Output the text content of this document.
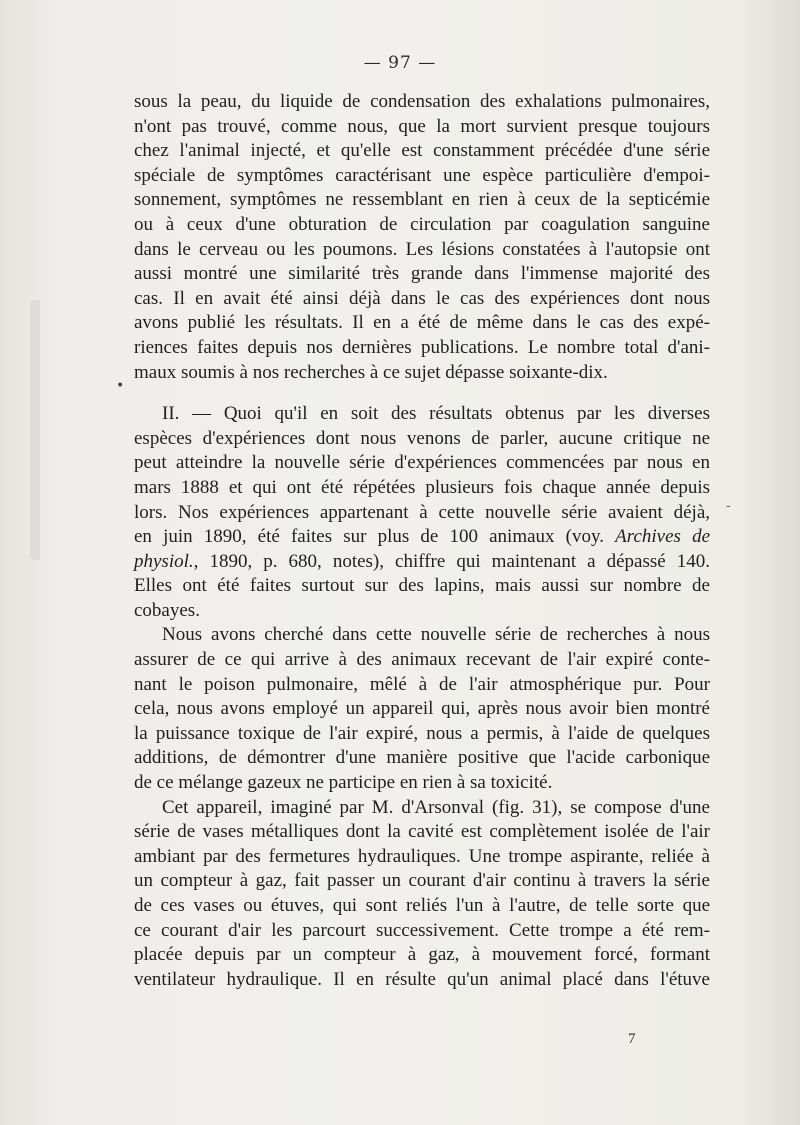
— 97 —
•
-

sous la peau, du liquide de condensation des exhalations pulmonaires,
n'ont pas trouvé, comme nous, que la mort survient presque toujours
chez l'animal injecté, et qu'elle est constamment précédée d'une série
spéciale de symptômes caractérisant une espèce particulière d'empoi-
sonnement, symptômes ne ressemblant en rien à ceux de la septicémie
ou à ceux d'une obturation de circulation par coagulation sanguine
dans le cerveau ou les poumons. Les lésions constatées à l'autopsie ont
aussi montré une similarité très grande dans l'immense majorité des
cas. Il en avait été ainsi déjà dans le cas des expériences dont nous
avons publié les résultats. Il en a été de même dans le cas des expé-
riences faites depuis nos dernières publications. Le nombre total d'ani-
maux soumis à nos recherches à ce sujet dépasse soixante-dix.

II. — Quoi qu'il en soit des résultats obtenus par les diverses
espèces d'expériences dont nous venons de parler, aucune critique ne
peut atteindre la nouvelle série d'expériences commencées par nous en
mars 1888 et qui ont été répétées plusieurs fois chaque année depuis
lors. Nos expériences appartenant à cette nouvelle série avaient déjà,
en juin 1890, été faites sur plus de 100 animaux (voy. Archives de
physiol., 1890, p. 680, notes), chiffre qui maintenant a dépassé 140.
Elles ont été faites surtout sur des lapins, mais aussi sur nombre de
cobayes.

Nous avons cherché dans cette nouvelle série de recherches à nous
assurer de ce qui arrive à des animaux recevant de l'air expiré conte-
nant le poison pulmonaire, mêlé à de l'air atmosphérique pur. Pour
cela, nous avons employé un appareil qui, après nous avoir bien montré
la puissance toxique de l'air expiré, nous a permis, à l'aide de quelques
additions, de démontrer d'une manière positive que l'acide carbonique
de ce mélange gazeux ne participe en rien à sa toxicité.

Cet appareil, imaginé par M. d'Arsonval (fig. 31), se compose d'une
série de vases métalliques dont la cavité est complètement isolée de l'air
ambiant par des fermetures hydrauliques. Une trompe aspirante, reliée à
un compteur à gaz, fait passer un courant d'air continu à travers la série
de ces vases ou étuves, qui sont reliés l'un à l'autre, de telle sorte que
ce courant d'air les parcourt successivement. Cette trompe a été rem-
placée depuis par un compteur à gaz, à mouvement forcé, formant
ventilateur hydraulique. Il en résulte qu'un animal placé dans l'étuve

7
